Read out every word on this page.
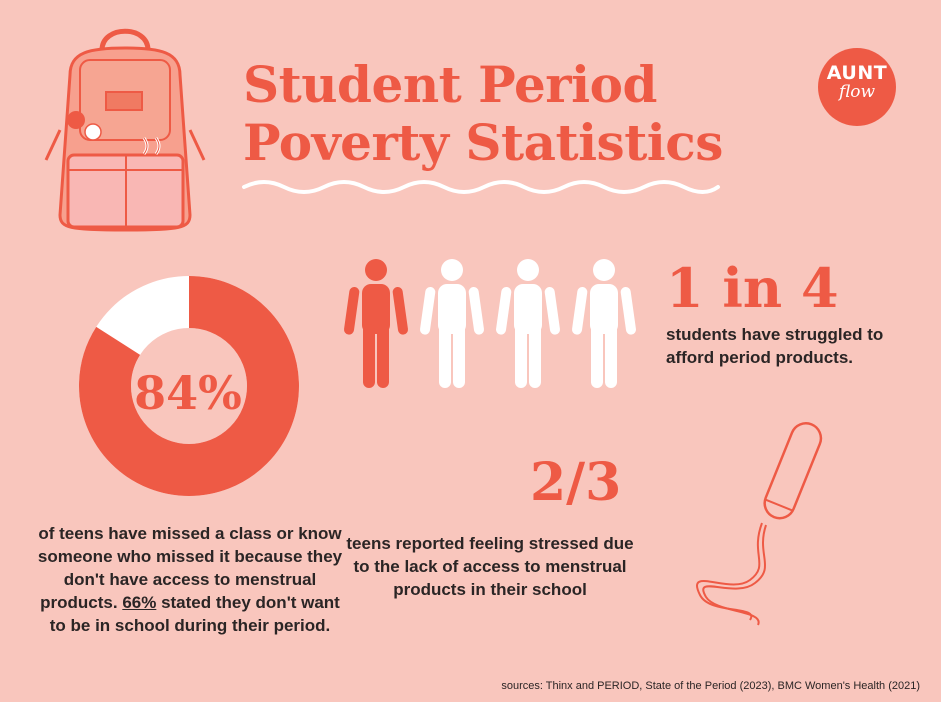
Student Period
Poverty Statistics
AUNT
flow
84%
1 in 4
students have struggled to afford period products.
2/3
teens reported feeling stressed due to the lack of access to menstrual products in their school
of teens have missed a class or know someone who missed it because they don't have access to menstrual products. 66% stated they don't want to be in school during their period.
sources: Thinx and PERIOD, State of the Period (2023), BMC Women's Health (2021)
